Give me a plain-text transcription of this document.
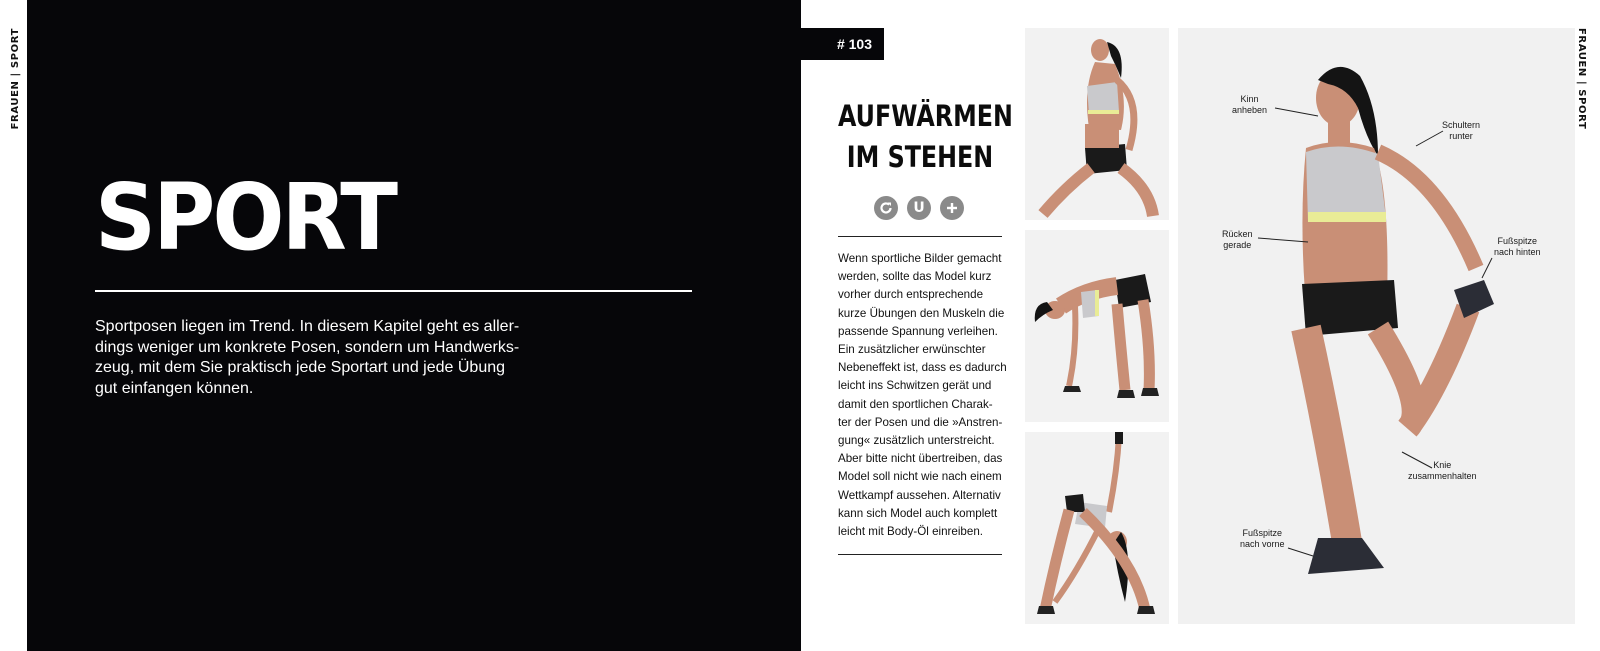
FRAUEN | SPORT
SPORT
Sportposen liegen im Trend. In diesem Kapitel geht es aller-
dings weniger um konkrete Posen, sondern um Handwerks-
zeug, mit dem Sie praktisch jede Sportart und jede Übung
gut einfangen können.
# 103
AUFWÄRMEN
IM STEHEN
U
Wenn sportliche Bilder gemacht
werden, sollte das Model kurz
vorher durch entsprechende
kurze Übungen den Muskeln die
passende Spannung verleihen.
Ein zusätzlicher erwünschter
Nebeneffekt ist, dass es dadurch
leicht ins Schwitzen gerät und
damit den sportlichen Charak-
ter der Posen und die »Anstren-
gung« zusätzlich unterstreicht.
Aber bitte nicht übertreiben, das
Model soll nicht wie nach einem
Wettkampf aussehen. Alternativ
kann sich Model auch komplett
leicht mit Body-Öl einreiben.
Kinn
anheben
Schultern
runter
Rücken
gerade	Fußspitze
nach hinten
Knie
zusammenhalten
Fußspitze
nach vorne
FRAUEN | SPORT
